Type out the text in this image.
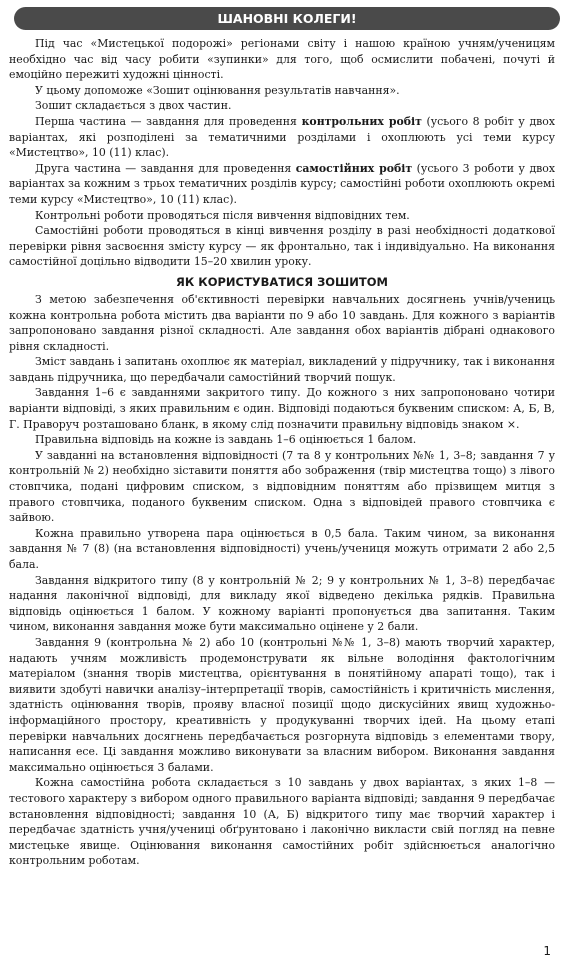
ШАНОВНІ КОЛЕГИ!

Під час «Мистецької подорожі» регіонами світу і нашою країною учням/ученицям необхідно час від часу робити «зупинки» для того, щоб осмислити побачені, почуті й емоційно пережиті художні цінності.

У цьому допоможе «Зошит оцінювання результатів навчання».

Зошит складається з двох частин.

Перша частина — завдання для проведення контрольних робіт (усього 8 робіт у двох варіантах, які розподілені за тематичними розділами і охоплюють усі теми курсу «Мистецтво», 10 (11) клас).

Друга частина — завдання для проведення самостійних робіт (усього 3 роботи у двох варіантах за кожним з трьох тематичних розділів курсу; самостійні роботи охоплюють окремі теми курсу «Мистецтво», 10 (11) клас).

Контрольні роботи проводяться після вивчення відповідних тем.

Самостійні роботи проводяться в кінці вивчення розділу в разі необхідності додаткової перевірки рівня засвоєння змісту курсу — як фронтально, так і індивідуально. На виконання самостійної доцільно відводити 15–20 хвилин уроку.

ЯК КОРИСТУВАТИСЯ ЗОШИТОМ

З метою забезпечення об'єктивності перевірки навчальних досягнень учнів/учениць кожна контрольна робота містить два варіанти по 9 або 10 завдань. Для кожного з варіантів запропоновано завдання різної складності. Але завдання обох варіантів дібрані однакового рівня складності.

Зміст завдань і запитань охоплює як матеріал, викладений у підручнику, так і виконання завдань підручника, що передбачали самостійний творчий пошук.

Завдання 1–6 є завданнями закритого типу. До кожного з них запропоновано чотири варіанти відповіді, з яких правильним є один. Відповіді подаються буквеним списком: А, Б, В, Г. Праворуч розташовано бланк, в якому слід позначити правильну відповідь знаком ×.

Правильна відповідь на кожне із завдань 1–6 оцінюється 1 балом.

У завданні на встановлення відповідності (7 та 8 у контрольних №№ 1, 3–8; завдання 7 у контрольній № 2) необхідно зіставити поняття або зображення (твір мистецтва тощо) з лівого стовпчика, подані цифровим списком, з відповідним поняттям або прізвищем митця з правого стовпчика, поданого буквеним списком. Одна з відповідей правого стовпчика є зайвою.

Кожна правильно утворена пара оцінюється в 0,5 бала. Таким чином, за виконання завдання № 7 (8) (на встановлення відповідності) учень/учениця можуть отримати 2 або 2,5 бала.

Завдання відкритого типу (8 у контрольній № 2; 9 у контрольних № 1, 3–8) передбачає надання лаконічної відповіді, для викладу якої відведено декілька рядків. Правильна відповідь оцінюється 1 балом. У кожному варіанті пропонується два запитання. Таким чином, виконання завдання може бути максимально оцінене у 2 бали.

Завдання 9 (контрольна № 2) або 10 (контрольні №№ 1, 3–8) мають творчий характер, надають учням можливість продемонструвати як вільне володіння фактологічним матеріалом (знання творів мистецтва, орієнтування в понятійному апараті тощо), так і виявити здобуті навички аналізу–інтерпретації творів, самостійність і критичність мислення, здатність оцінювання творів, прояву власної позиції щодо дискусійних явищ художньо-інформаційного простору, креативність у продукуванні творчих ідей. На цьому етапі перевірки навчальних досягнень передбачається розгорнута відповідь з елементами твору, написання есе. Ці завдання можливо виконувати за власним вибором. Виконання завдання максимально оцінюється 3 балами.

Кожна самостійна робота складається з 10 завдань у двох варіантах, з яких 1–8 — тестового характеру з вибором одного правильного варіанта відповіді; завдання 9 передбачає встановлення відповідності; завдання 10 (А, Б) відкритого типу має творчий характер і передбачає здатність учня/учениці обґрунтовано і лаконічно викласти свій погляд на певне мистецьке явище. Оцінювання виконання самостійних робіт здійснюється аналогічно контрольним роботам.

1
